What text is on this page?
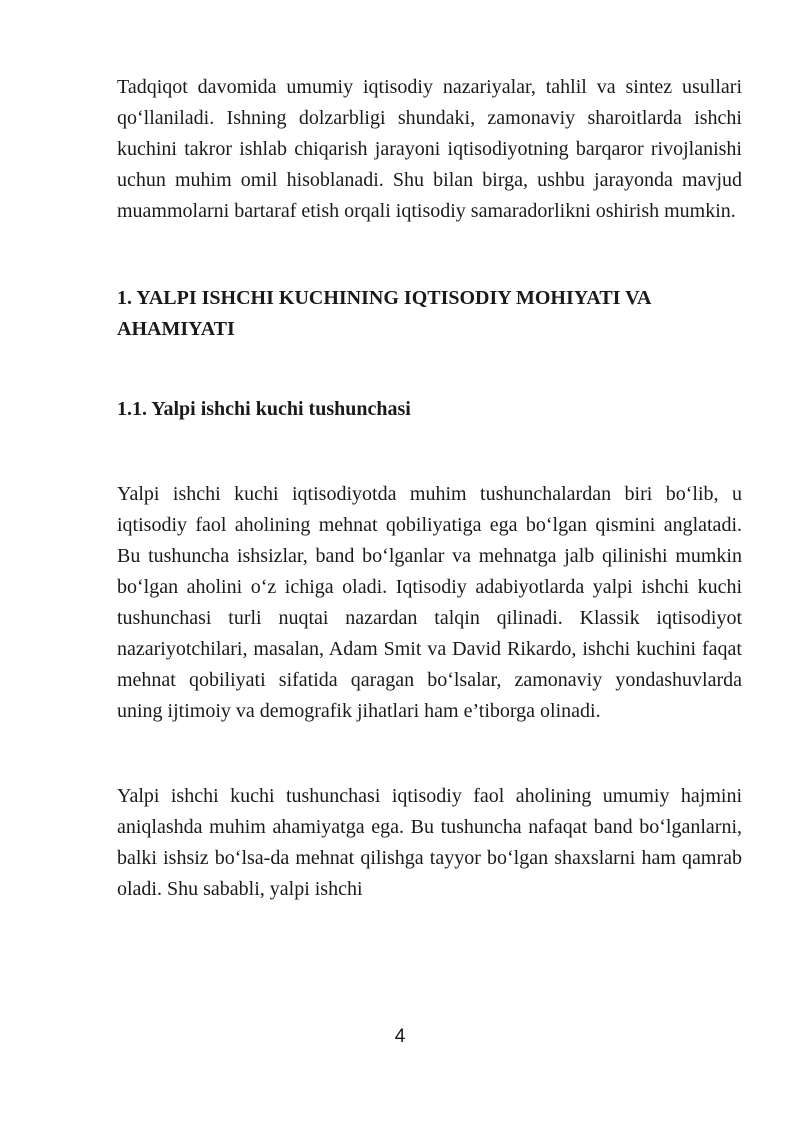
Tadqiqot davomida umumiy iqtisodiy nazariyalar, tahlil va sintez usullari qo‘llaniladi. Ishning dolzarbligi shundaki, zamonaviy sharoitlarda ishchi kuchini takror ishlab chiqarish jarayoni iqtisodiyotning barqaror rivojlanishi uchun muhim omil hisoblanadi. Shu bilan birga, ushbu jarayonda mavjud muammolarni bartaraf etish orqali iqtisodiy samaradorlikni oshirish mumkin.

1. YALPI ISHCHI KUCHINING IQTISODIY MOHIYATI VA AHAMIYATI
1.1. Yalpi ishchi kuchi tushunchasi

Yalpi ishchi kuchi iqtisodiyotda muhim tushunchalardan biri bo‘lib, u iqtisodiy faol aholining mehnat qobiliyatiga ega bo‘lgan qismini anglatadi. Bu tushuncha ishsizlar, band bo‘lganlar va mehnatga jalb qilinishi mumkin bo‘lgan aholini o‘z ichiga oladi. Iqtisodiy adabiyotlarda yalpi ishchi kuchi tushunchasi turli nuqtai nazardan talqin qilinadi. Klassik iqtisodiyot nazariyotchilari, masalan, Adam Smit va David Rikardo, ishchi kuchini faqat mehnat qobiliyati sifatida qaragan bo‘lsalar, zamonaviy yondashuvlarda uning ijtimoiy va demografik jihatlari ham e’tiborga olinadi.

Yalpi ishchi kuchi tushunchasi iqtisodiy faol aholining umumiy hajmini aniqlashda muhim ahamiyatga ega. Bu tushuncha nafaqat band bo‘lganlarni, balki ishsiz bo‘lsa-da mehnat qilishga tayyor bo‘lgan shaxslarni ham qamrab oladi. Shu sababli, yalpi ishchi

4
